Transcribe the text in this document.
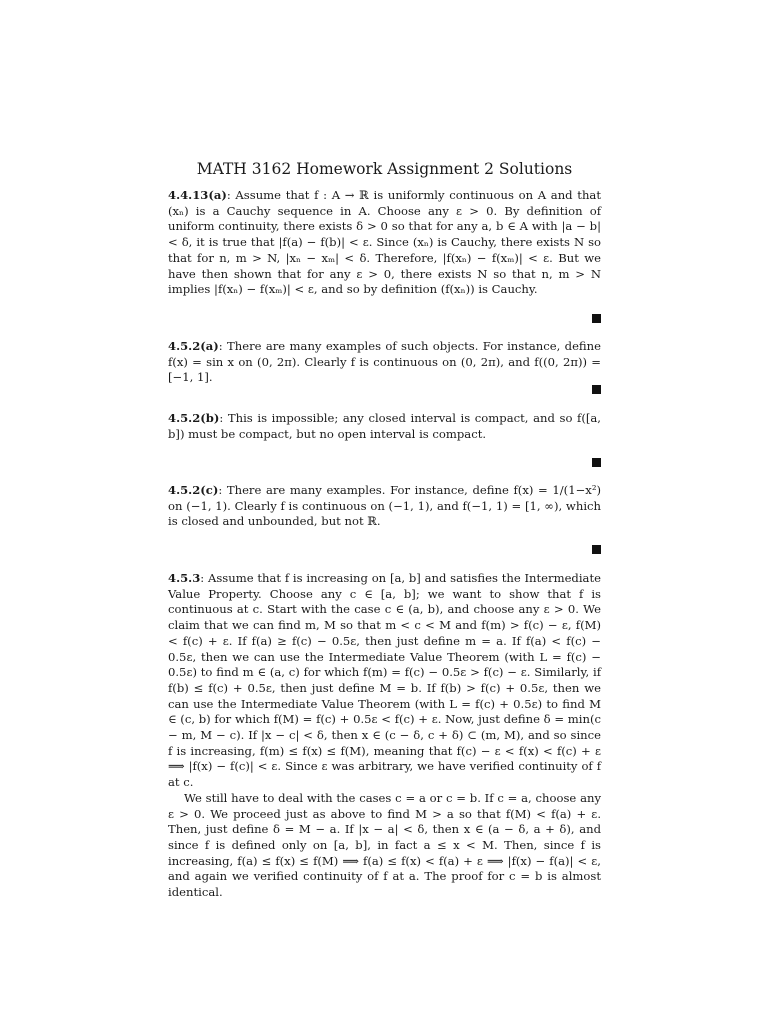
MATH 3162 Homework Assignment 2 Solutions

4.4.13(a): Assume that f : A → ℝ is uniformly continuous on A and that (xₙ) is a Cauchy sequence in A. Choose any ε > 0. By definition of uniform continuity, there exists δ > 0 so that for any a, b ∈ A with |a − b| < δ, it is true that |f(a) − f(b)| < ε. Since (xₙ) is Cauchy, there exists N so that for n, m > N, |xₙ − xₘ| < δ. Therefore, |f(xₙ) − f(xₘ)| < ε. But we have then shown that for any ε > 0, there exists N so that n, m > N implies |f(xₙ) − f(xₘ)| < ε, and so by definition (f(xₙ)) is Cauchy.

4.5.2(a): There are many examples of such objects. For instance, define f(x) = sin x on (0, 2π). Clearly f is continuous on (0, 2π), and f((0, 2π)) = [−1, 1].

4.5.2(b): This is impossible; any closed interval is compact, and so f([a, b]) must be compact, but no open interval is compact.

4.5.2(c): There are many examples. For instance, define f(x) = 1/(1−x²) on (−1, 1). Clearly f is continuous on (−1, 1), and f(−1, 1) = [1, ∞), which is closed and unbounded, but not ℝ.

4.5.3: Assume that f is increasing on [a, b] and satisfies the Intermediate Value Property. Choose any c ∈ [a, b]; we want to show that f is continuous at c. Start with the case c ∈ (a, b), and choose any ε > 0. We claim that we can find m, M so that m < c < M and f(m) > f(c) − ε, f(M) < f(c) + ε. If f(a) ≥ f(c) − 0.5ε, then just define m = a. If f(a) < f(c) − 0.5ε, then we can use the Intermediate Value Theorem (with L = f(c) − 0.5ε) to find m ∈ (a, c) for which f(m) = f(c) − 0.5ε > f(c) − ε. Similarly, if f(b) ≤ f(c) + 0.5ε, then just define M = b. If f(b) > f(c) + 0.5ε, then we can use the Intermediate Value Theorem (with L = f(c) + 0.5ε) to find M ∈ (c, b) for which f(M) = f(c) + 0.5ε < f(c) + ε. Now, just define δ = min(c − m, M − c). If |x − c| < δ, then x ∈ (c − δ, c + δ) ⊂ (m, M), and so since f is increasing, f(m) ≤ f(x) ≤ f(M), meaning that f(c) − ε < f(x) < f(c) + ε ⟹ |f(x) − f(c)| < ε. Since ε was arbitrary, we have verified continuity of f at c.

We still have to deal with the cases c = a or c = b. If c = a, choose any ε > 0. We proceed just as above to find M > a so that f(M) < f(a) + ε. Then, just define δ = M − a. If |x − a| < δ, then x ∈ (a − δ, a + δ), and since f is defined only on [a, b], in fact a ≤ x < M. Then, since f is increasing, f(a) ≤ f(x) ≤ f(M) ⟹ f(a) ≤ f(x) < f(a) + ε ⟹ |f(x) − f(a)| < ε, and again we verified continuity of f at a. The proof for c = b is almost identical.
